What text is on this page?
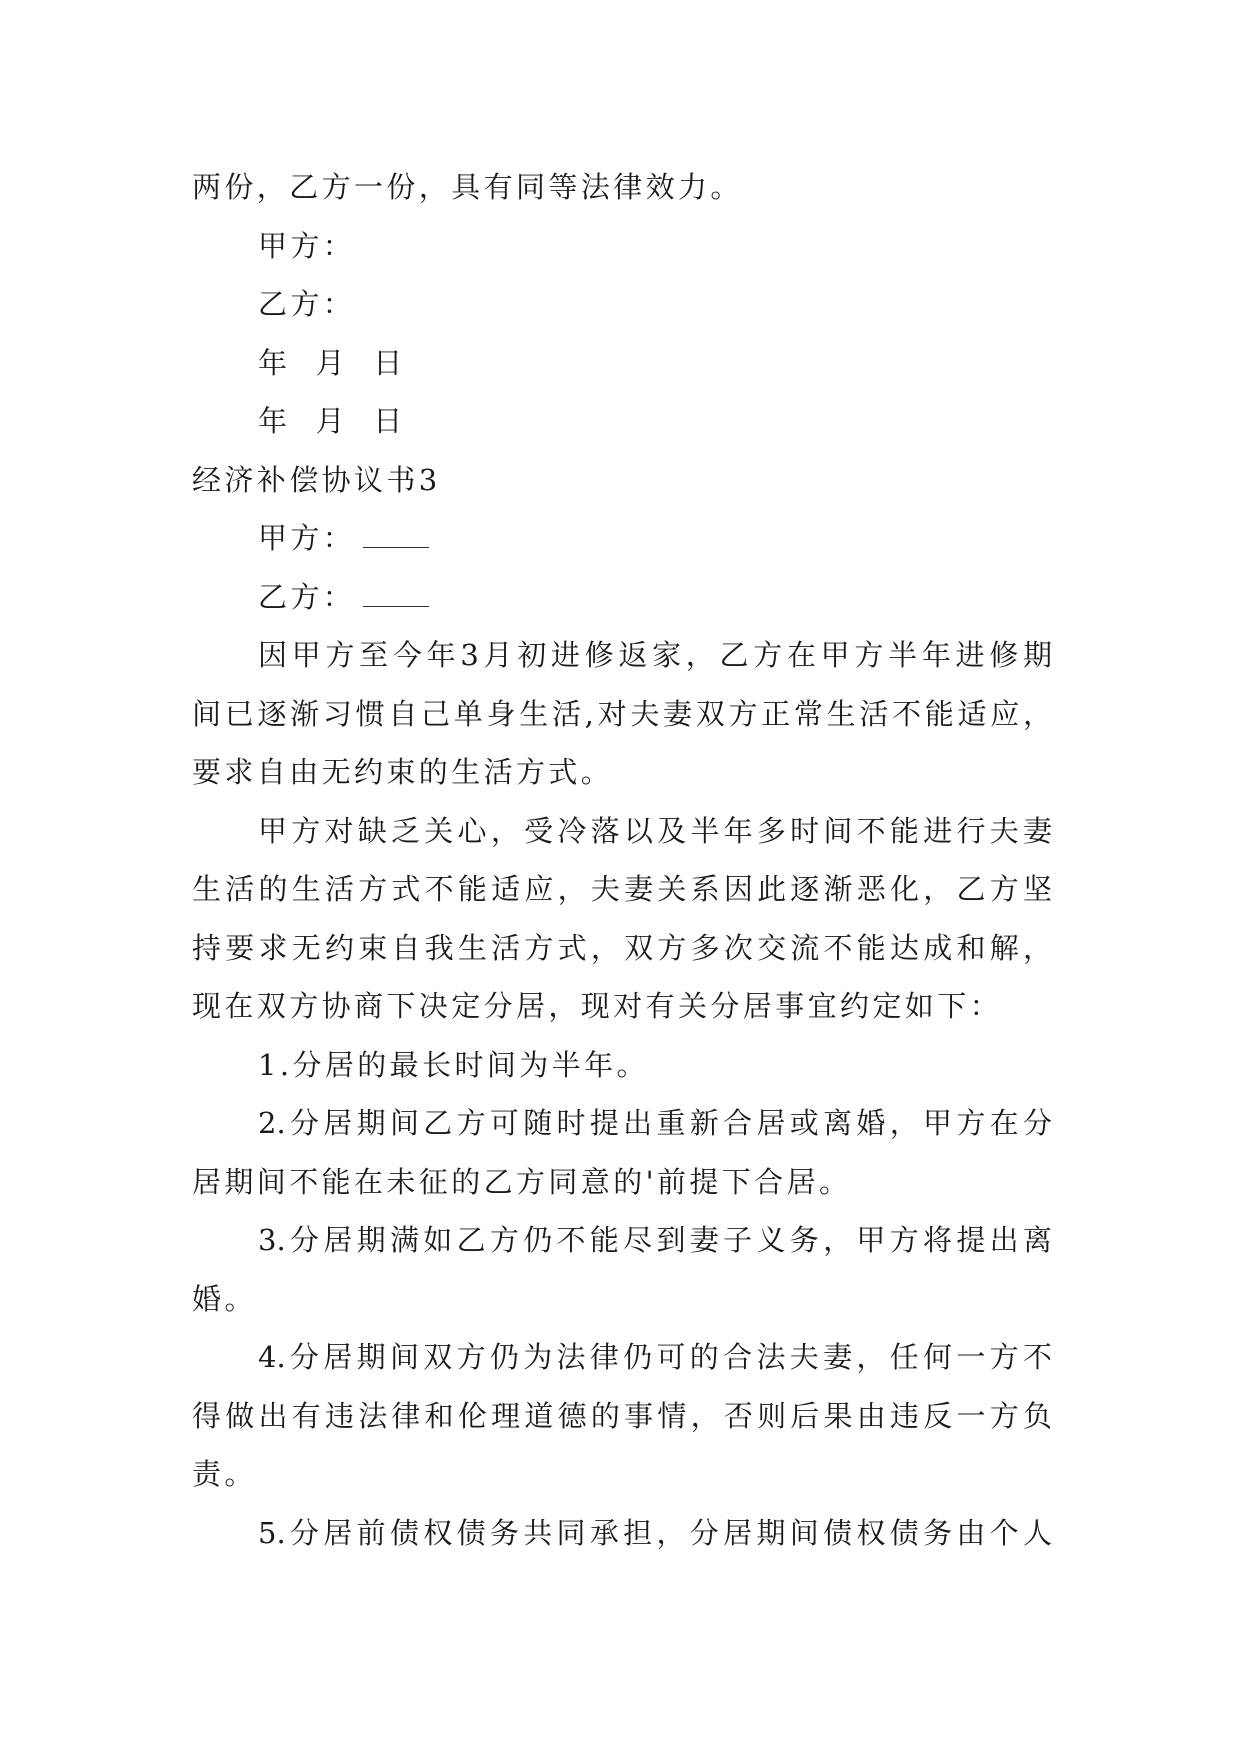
两份，乙方一份，具有同等法律效力。
甲方：
乙方：
年  月  日
年  月  日
经济补偿协议书3
甲方：
乙方：
因甲方至今年3月初进修返家，乙方在甲方半年进修期
间已逐渐习惯自己单身生活,对夫妻双方正常生活不能适应，
要求自由无约束的生活方式。
甲方对缺乏关心，受冷落以及半年多时间不能进行夫妻
生活的生活方式不能适应，夫妻关系因此逐渐恶化，乙方坚
持要求无约束自我生活方式，双方多次交流不能达成和解，
现在双方协商下决定分居，现对有关分居事宜约定如下：
1.分居的最长时间为半年。
2.分居期间乙方可随时提出重新合居或离婚，甲方在分
居期间不能在未征的乙方同意的'前提下合居。
3.分居期满如乙方仍不能尽到妻子义务，甲方将提出离
婚。
4.分居期间双方仍为法律仍可的合法夫妻，任何一方不
得做出有违法律和伦理道德的事情，否则后果由违反一方负
责。
5.分居前债权债务共同承担，分居期间债权债务由个人
